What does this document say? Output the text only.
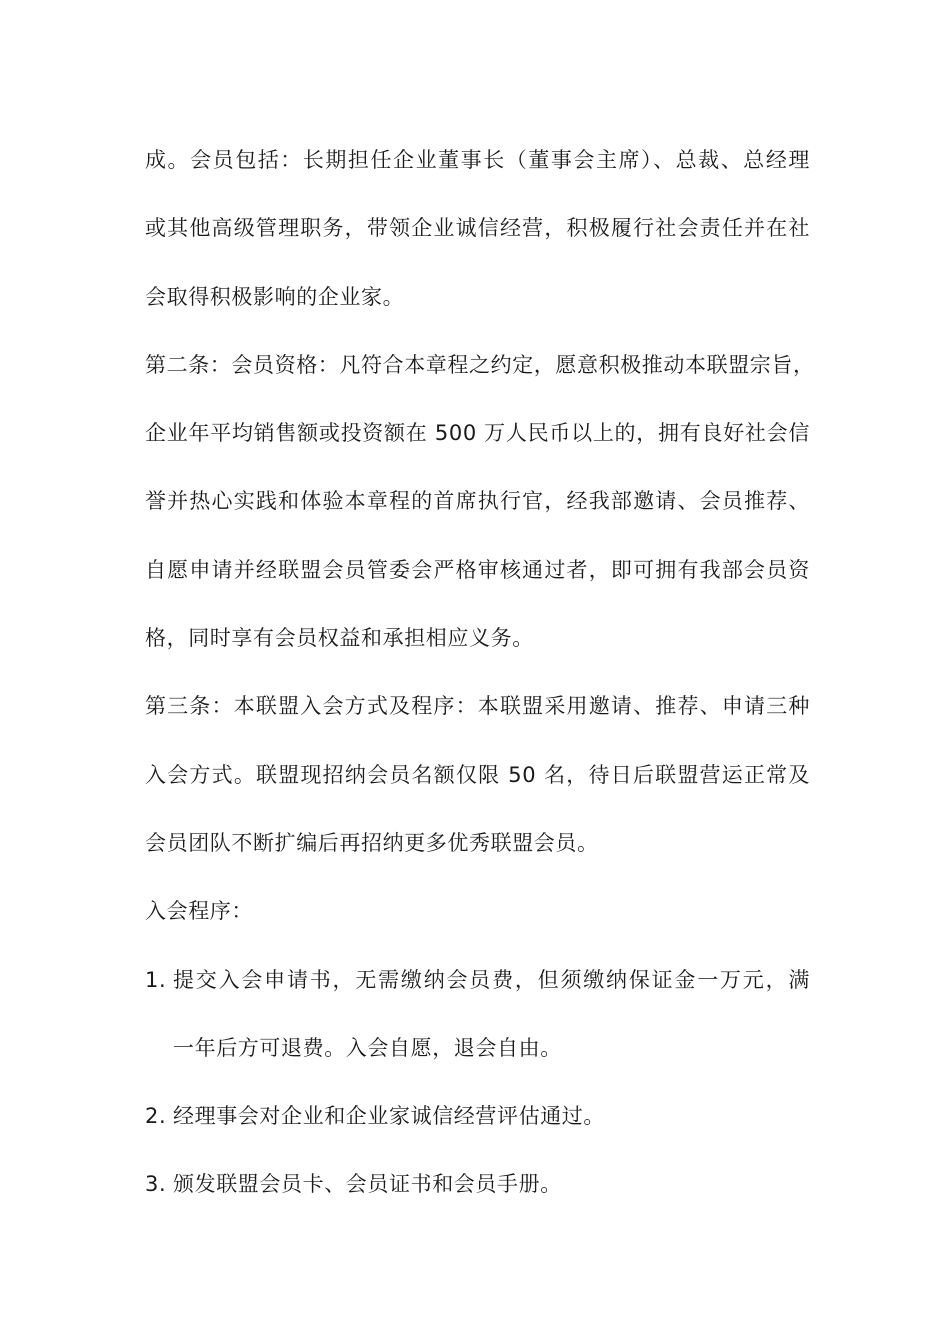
成。会员包括：长期担任企业董事长（董事会主席）、总裁、总经理
或其他高级管理职务，带领企业诚信经营，积极履行社会责任并在社
会取得积极影响的企业家。
第二条：会员资格：凡符合本章程之约定，愿意积极推动本联盟宗旨，
企业年平均销售额或投资额在 500 万人民币以上的，拥有良好社会信
誉并热心实践和体验本章程的首席执行官，经我部邀请、会员推荐、
自愿申请并经联盟会员管委会严格审核通过者，即可拥有我部会员资
格，同时享有会员权益和承担相应义务。
第三条：本联盟入会方式及程序：本联盟采用邀请、推荐、申请三种
入会方式。联盟现招纳会员名额仅限 50 名，待日后联盟营运正常及
会员团队不断扩编后再招纳更多优秀联盟会员。
入会程序：
1. 提交入会申请书，无需缴纳会员费，但须缴纳保证金一万元，满
一年后方可退费。入会自愿，退会自由。
2. 经理事会对企业和企业家诚信经营评估通过。
3. 颁发联盟会员卡、会员证书和会员手册。
